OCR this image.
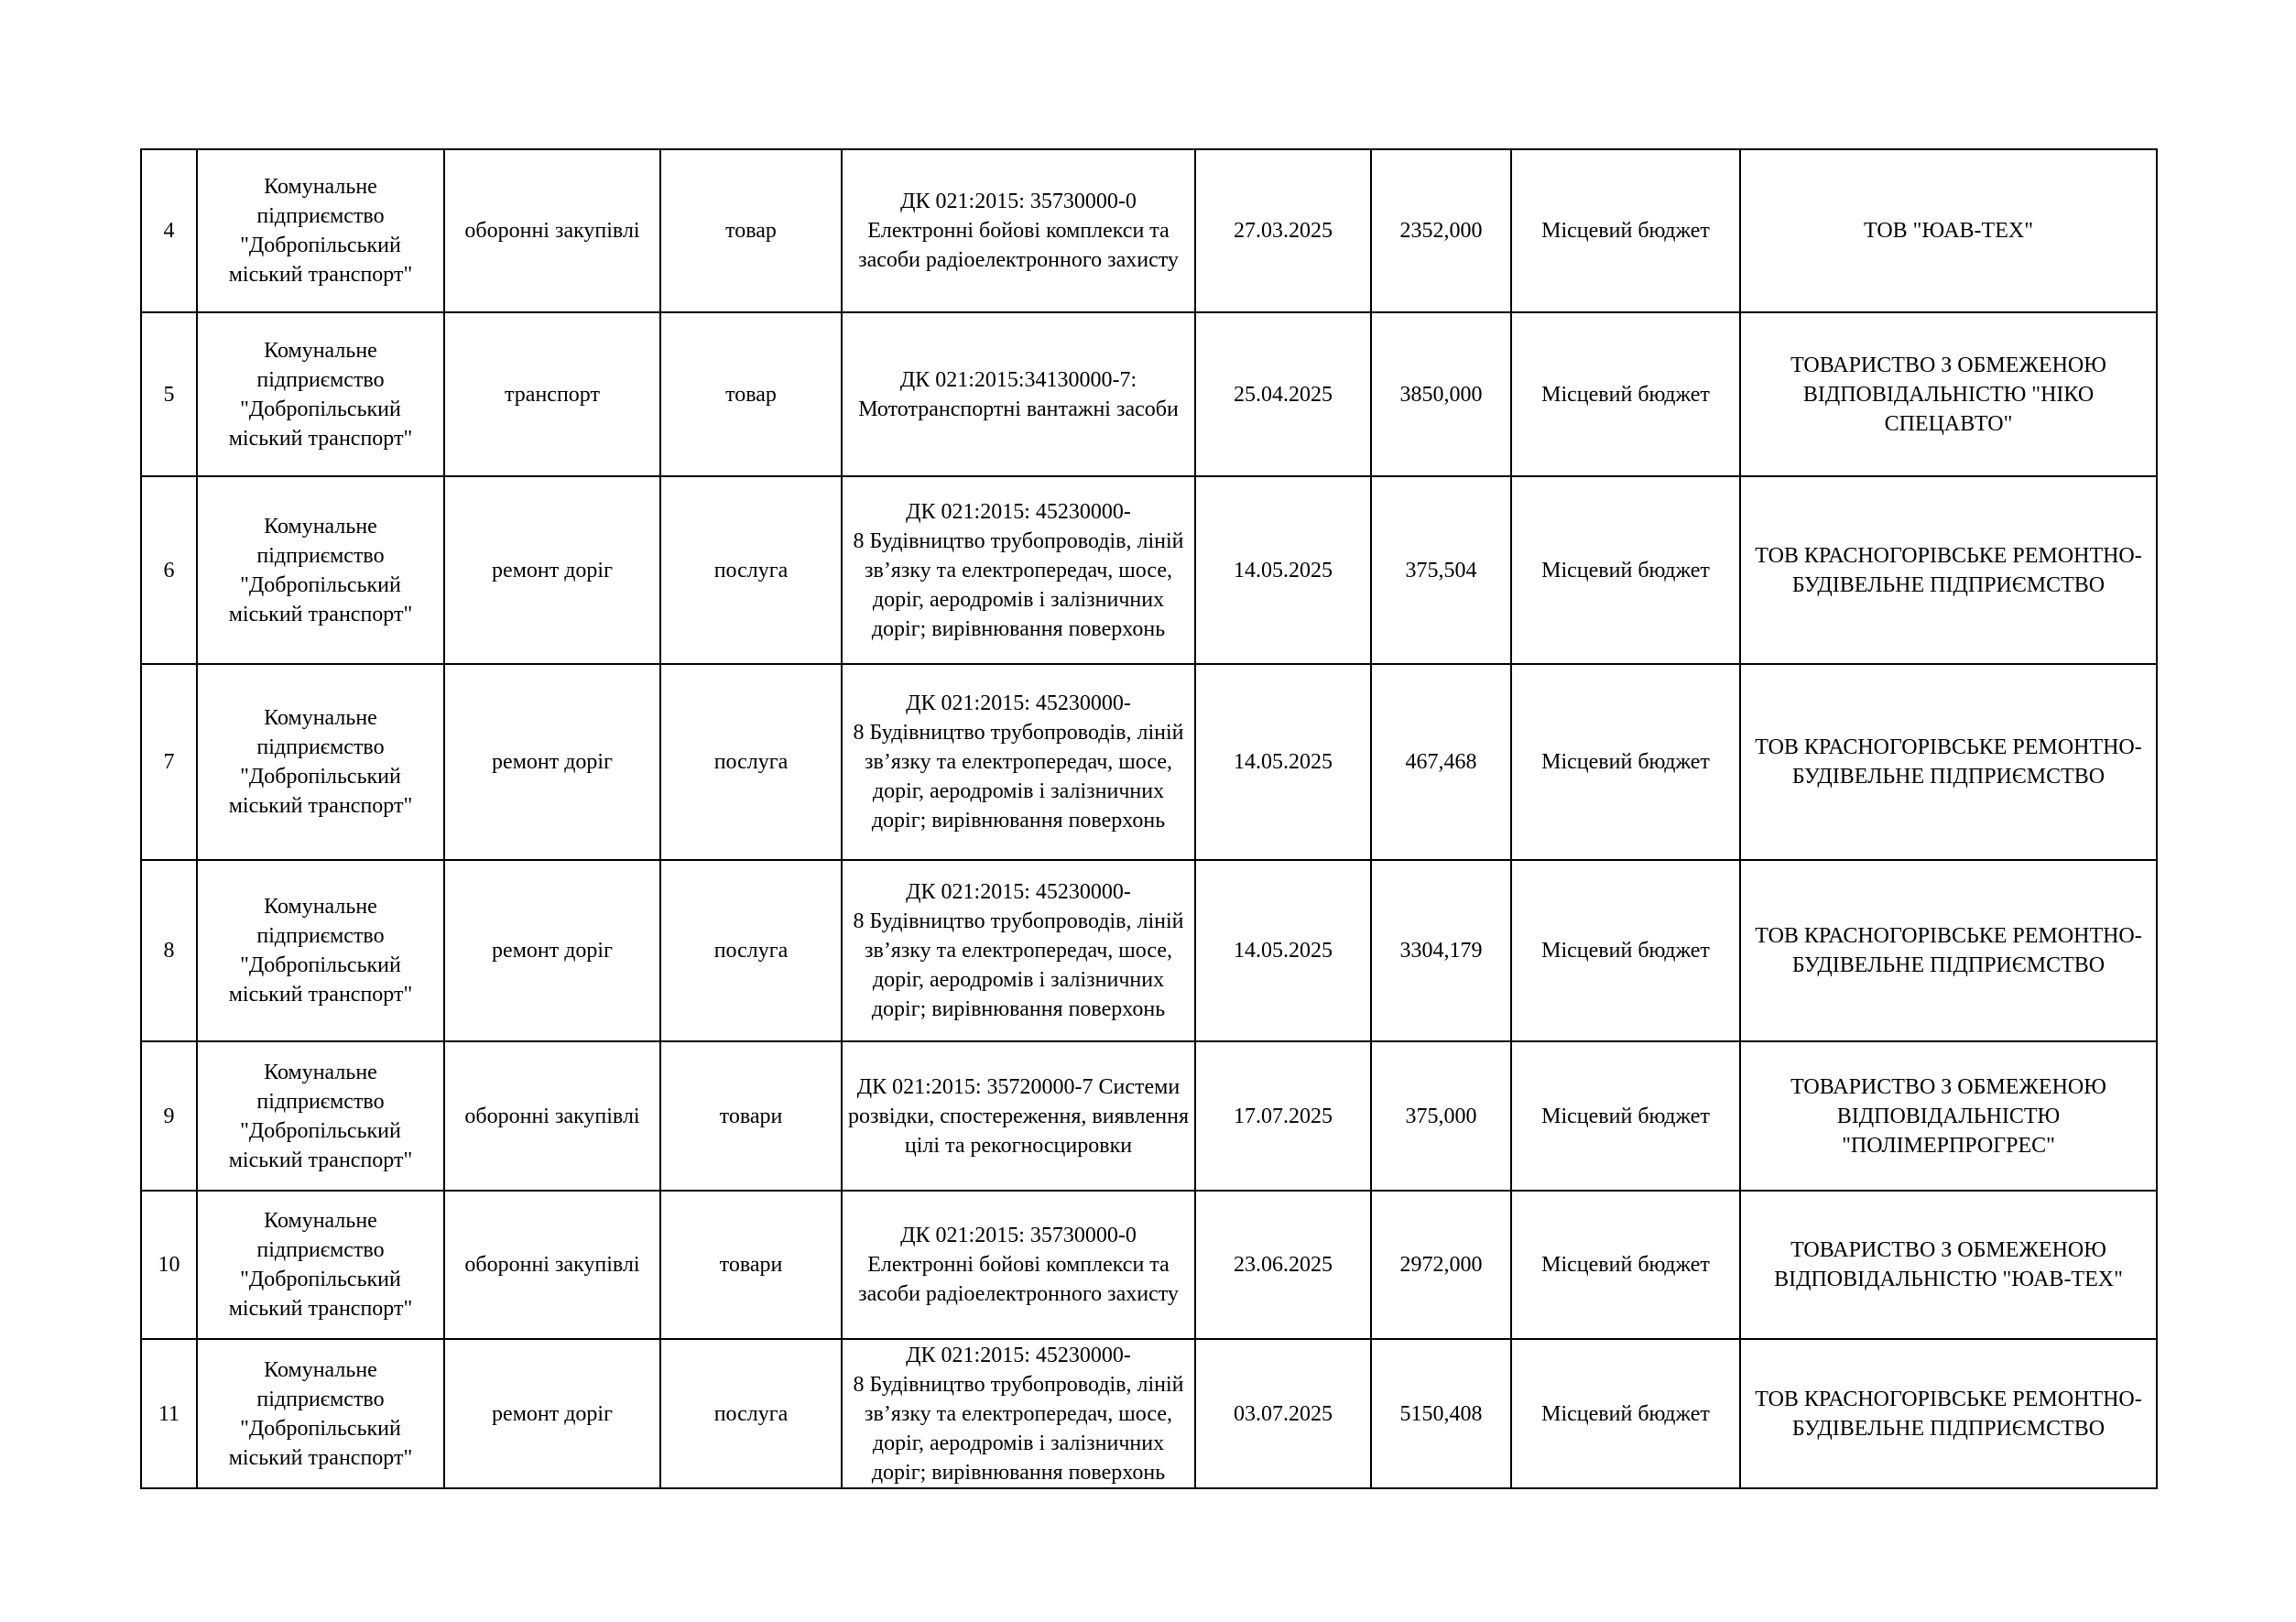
4	Комунальне підприємство "Добропільський міський транспорт"	оборонні закупівлі	товар	ДК 021:2015: 35730000-0 Електронні бойові комплекси та засоби радіоелектронного захисту	27.03.2025	2352,000	Місцевий бюджет	ТОВ "ЮАВ-ТЕХ"

5	Комунальне підприємство "Добропільський міський транспорт"	транспорт	товар	ДК 021:2015:34130000-7: Мототранспортні вантажні засоби	25.04.2025	3850,000	Місцевий бюджет	ТОВАРИСТВО З ОБМЕЖЕНОЮ ВІДПОВІДАЛЬНІСТЮ "НІКО СПЕЦАВТО"

6	Комунальне підприємство "Добропільський міський транспорт"	ремонт доріг	послуга	ДК 021:2015: 45230000-
8 Будівництво трубопроводів, ліній зв’язку та електропередач, шосе, доріг, аеродромів і залізничних доріг; вирівнювання поверхонь	14.05.2025	375,504	Місцевий бюджет	ТОВ КРАСНОГОРІВСЬКЕ РЕМОНТНО-БУДІВЕЛЬНЕ ПІДПРИЄМСТВО

7	Комунальне підприємство "Добропільський міський транспорт"	ремонт доріг	послуга	ДК 021:2015: 45230000-
8 Будівництво трубопроводів, ліній зв’язку та електропередач, шосе, доріг, аеродромів і залізничних доріг; вирівнювання поверхонь	14.05.2025	467,468	Місцевий бюджет	ТОВ КРАСНОГОРІВСЬКЕ РЕМОНТНО-БУДІВЕЛЬНЕ ПІДПРИЄМСТВО

8	Комунальне підприємство "Добропільський міський транспорт"	ремонт доріг	послуга	ДК 021:2015: 45230000-
8 Будівництво трубопроводів, ліній зв’язку та електропередач, шосе, доріг, аеродромів і залізничних доріг; вирівнювання поверхонь	14.05.2025	3304,179	Місцевий бюджет	ТОВ КРАСНОГОРІВСЬКЕ РЕМОНТНО-БУДІВЕЛЬНЕ ПІДПРИЄМСТВО

9	Комунальне підприємство "Добропільський міський транспорт"	оборонні закупівлі	товари	ДК 021:2015: 35720000-7 Системи розвідки, спостереження, виявлення цілі та рекогносцировки	17.07.2025	375,000	Місцевий бюджет	ТОВАРИСТВО З ОБМЕЖЕНОЮ ВІДПОВІДАЛЬНІСТЮ "ПОЛІМЕРПРОГРЕС"

10	Комунальне підприємство "Добропільський міський транспорт"	оборонні закупівлі	товари	ДК 021:2015: 35730000-0 Електронні бойові комплекси та засоби радіоелектронного захисту	23.06.2025	2972,000	Місцевий бюджет	ТОВАРИСТВО З ОБМЕЖЕНОЮ ВІДПОВІДАЛЬНІСТЮ "ЮАВ-ТЕХ"

11	Комунальне підприємство "Добропільський міський транспорт"	ремонт доріг	послуга	ДК 021:2015: 45230000-
8 Будівництво трубопроводів, ліній зв’язку та електропередач, шосе, доріг, аеродромів і залізничних доріг; вирівнювання поверхонь	03.07.2025	5150,408	Місцевий бюджет	ТОВ КРАСНОГОРІВСЬКЕ РЕМОНТНО-БУДІВЕЛЬНЕ ПІДПРИЄМСТВО
